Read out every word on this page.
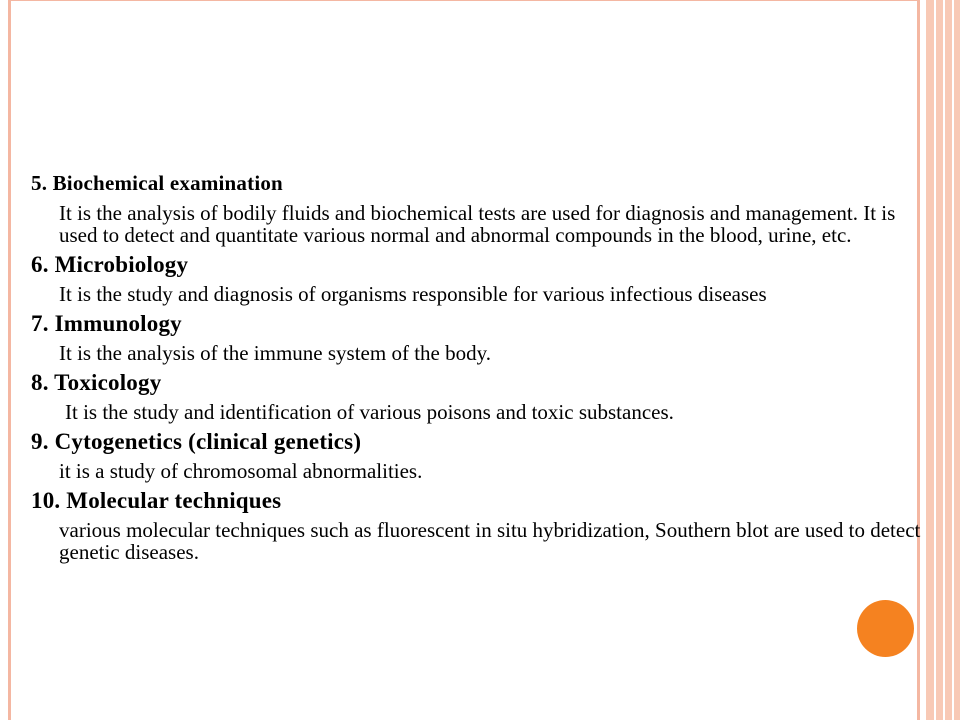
5. Biochemical examination

It is the analysis of bodily fluids and biochemical tests are used for diagnosis and management. It is used to detect and quantitate various normal and abnormal compounds in the blood, urine, etc.

6. Microbiology

It is the study and diagnosis of organisms responsible for various infectious diseases

7. Immunology

It is the analysis of the immune system of the body.

8. Toxicology

It is the study and identification of various poisons and toxic substances.

9. Cytogenetics (clinical genetics)

it is a study of chromosomal abnormalities.

10. Molecular techniques

various molecular techniques such as fluorescent in situ hybridization, Southern blot are used to detect genetic diseases.
